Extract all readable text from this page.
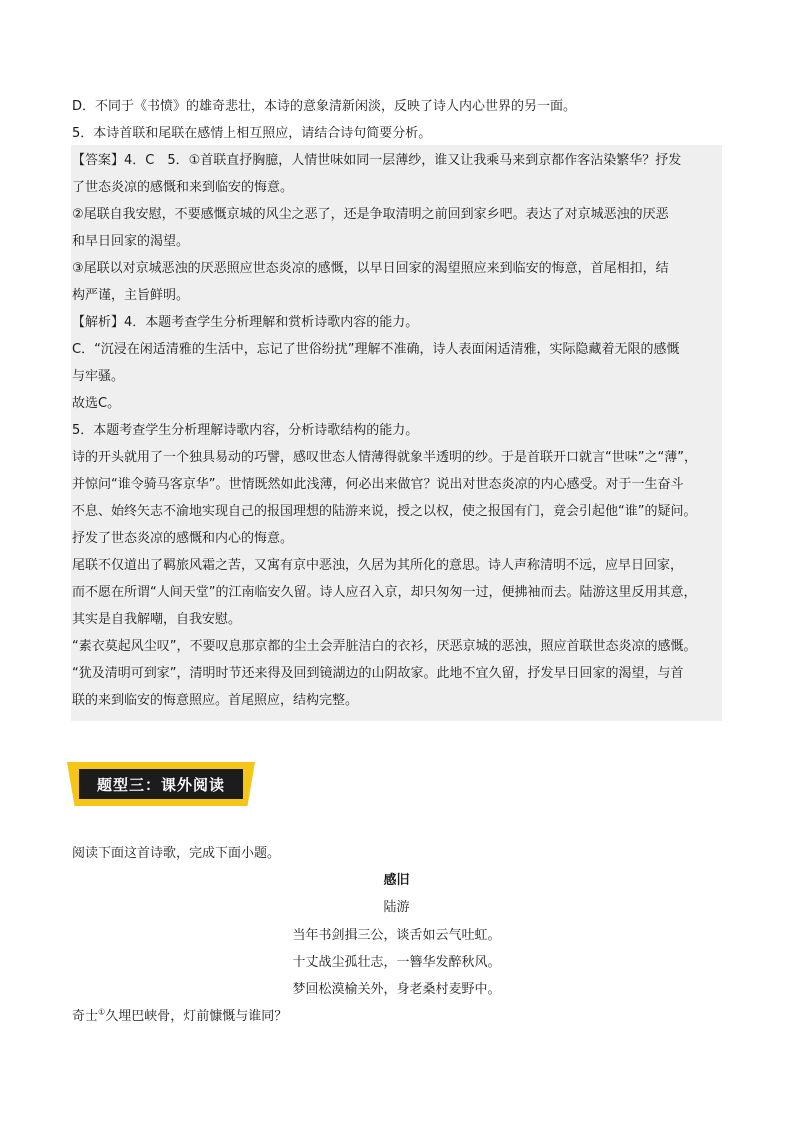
D．不同于《书愤》的雄奇悲壮，本诗的意象清新闲淡，反映了诗人内心世界的另一面。
5．本诗首联和尾联在感情上相互照应，请结合诗句简要分析。
【答案】4．C　5．①首联直抒胸臆，人情世味如同一层薄纱，谁又让我乘马来到京都作客沾染繁华？抒发
了世态炎凉的感慨和来到临安的悔意。
②尾联自我安慰，不要感慨京城的风尘之恶了，还是争取清明之前回到家乡吧。表达了对京城恶浊的厌恶
和早日回家的渴望。
③尾联以对京城恶浊的厌恶照应世态炎凉的感慨，以早日回家的渴望照应来到临安的悔意，首尾相扣，结
构严谨，主旨鲜明。
【解析】4．本题考查学生分析理解和赏析诗歌内容的能力。
C．“沉浸在闲适清雅的生活中，忘记了世俗纷扰”理解不准确，诗人表面闲适清雅，实际隐藏着无限的感慨
与牢骚。
故选C。
5．本题考查学生分析理解诗歌内容，分析诗歌结构的能力。
诗的开头就用了一个独具易动的巧譬，感叹世态人情薄得就象半透明的纱。于是首联开口就言“世味”之“薄”，
并惊问“谁令骑马客京华”。世情既然如此浅薄，何必出来做官？说出对世态炎凉的内心感受。对于一生奋斗
不息、始终矢志不渝地实现自己的报国理想的陆游来说，授之以权，使之报国有门，竟会引起他“谁”的疑问。
抒发了世态炎凉的感慨和内心的悔意。
尾联不仅道出了羁旅风霜之苦，又寓有京中恶浊，久居为其所化的意思。诗人声称清明不远，应早日回家，
而不愿在所谓“人间天堂”的江南临安久留。诗人应召入京，却只匆匆一过，便拂袖而去。陆游这里反用其意，
其实是自我解嘲，自我安慰。
“素衣莫起风尘叹”，不要叹息那京都的尘土会弄脏洁白的衣衫，厌恶京城的恶浊，照应首联世态炎凉的感慨。
“犹及清明可到家”，清明时节还来得及回到镜湖边的山阴故家。此地不宜久留，抒发早日回家的渴望，与首
联的来到临安的悔意照应。首尾照应，结构完整。
题型三：课外阅读
阅读下面这首诗歌，完成下面小题。
感旧
陆游
当年书剑揖三公，谈舌如云气吐虹。
十丈战尘孤壮志，一簪华发醉秋风。
梦回松漠榆关外，身老桑村麦野中。
奇士①久埋巴峡骨，灯前慷慨与谁同？
